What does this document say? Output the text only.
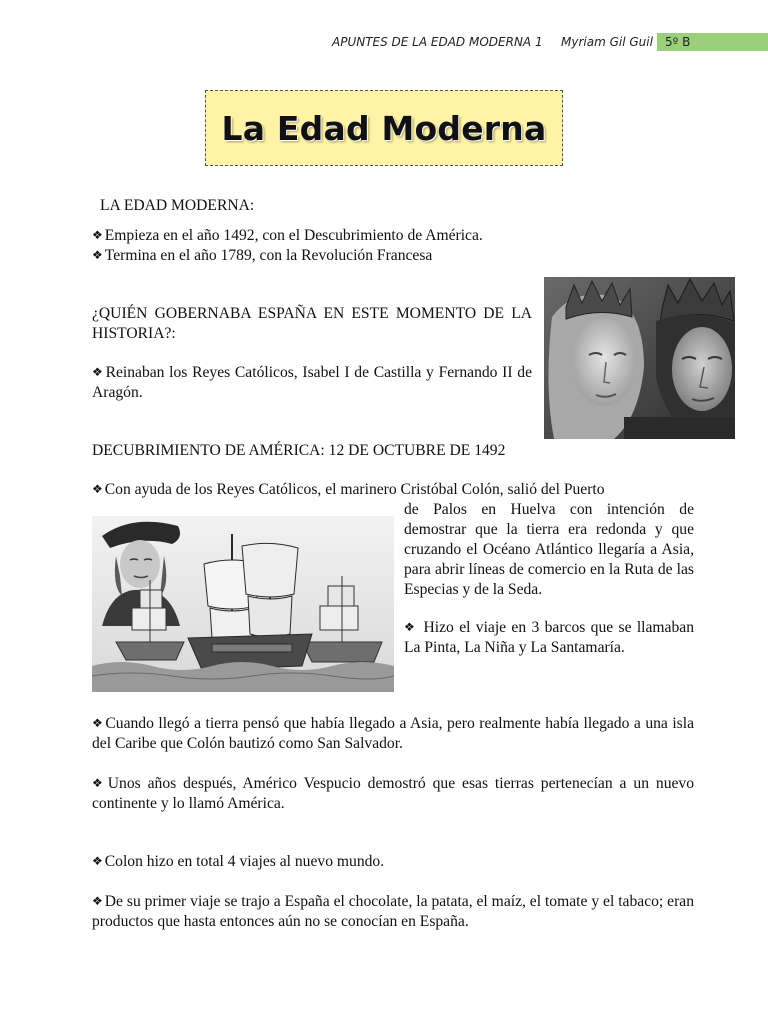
APUNTES DE LA EDAD MODERNA 1 Myriam Gil Guil	5º B
La Edad Moderna

LA EDAD MODERNA:

❖ Empieza en el año 1492, con el Descubrimiento de América.

❖ Termina en el año 1789, con la Revolución Francesa

¿QUIÉN GOBERNABA ESPAÑA EN ESTE MOMENTO DE LA HISTORIA?:

❖ Reinaban los Reyes Católicos, Isabel I de Castilla y Fernando II de Aragón.

DECUBRIMIENTO DE AMÉRICA: 12 DE OCTUBRE DE 1492

❖ Con ayuda de los Reyes Católicos, el marinero Cristóbal Colón, salió del Puerto

de Palos en Huelva con intención de demostrar que la tierra era redonda y que cruzando el Océano Atlántico llegaría a Asia, para abrir líneas de comercio en la Ruta de las Especias y de la Seda.

❖ Hizo el viaje en 3 barcos que se llamaban La Pinta, La Niña y La Santamaría.

❖ Cuando llegó a tierra pensó que había llegado a Asia, pero realmente había llegado a una isla del Caribe que Colón bautizó como San Salvador.

❖ Unos años después, Américo Vespucio demostró que esas tierras pertenecían a un nuevo continente y lo llamó América.

❖ Colon hizo en total 4 viajes al nuevo mundo.

❖ De su primer viaje se trajo a España el chocolate, la patata, el maíz, el tomate y el tabaco; eran productos que hasta entonces aún no se conocían en España.
